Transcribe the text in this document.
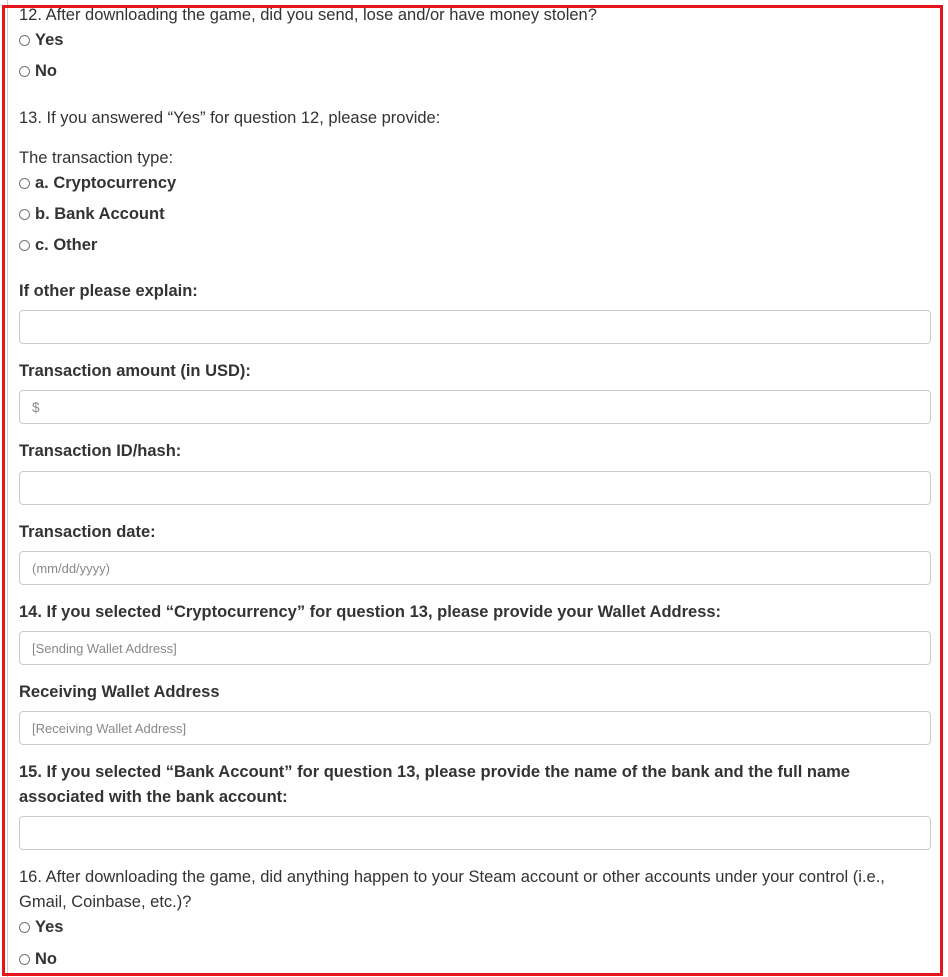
12. After downloading the game, did you send, lose and/or have money stolen?
Yes
No
13. If you answered “Yes” for question 12, please provide:
The transaction type:
a. Cryptocurrency
b. Bank Account
c. Other
If other please explain:
Transaction amount (in USD):
$
Transaction ID/hash:
Transaction date:
(mm/dd/yyyy)
14. If you selected “Cryptocurrency” for question 13, please provide your Wallet Address:
[Sending Wallet Address]
Receiving Wallet Address
[Receiving Wallet Address]
15. If you selected “Bank Account” for question 13, please provide the name of the bank and the full name associated with the bank account:
16. After downloading the game, did anything happen to your Steam account or other accounts under your control (i.e., Gmail, Coinbase, etc.)?
Yes
No
